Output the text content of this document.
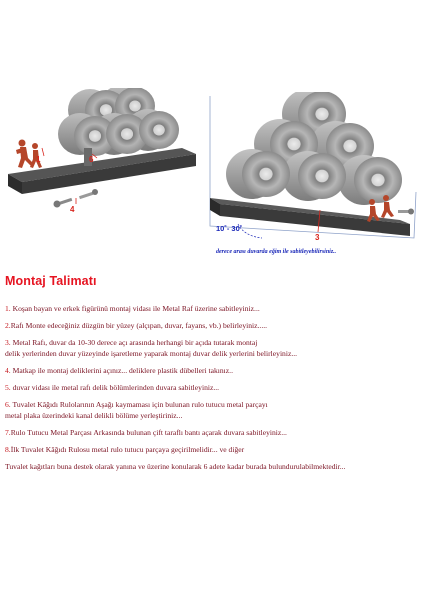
1
4
6
10˚- 30˚
3
derece arası duvarda eğim ile sabitleyebilirsiniz..
Montaj Talimatı
1. Koşan bayan ve erkek figürünü montaj vidası ile Metal Raf üzerine sabitleyiniz...
2.Rafı Monte edeceğiniz düzgün bir yüzey (alçıpan, duvar, fayans, vb.) belirleyiniz.....
3. Metal Rafı, duvar da 10-30 derece açı arasında herhangi bir açıda tutarak montaj
delik yerlerinden duvar yüzeyinde işaretleme yaparak montaj duvar delik yerlerini belirleyiniz...
4. Matkap ile montaj deliklerini açınız... deliklere plastik dübelleri takınız..
5. duvar vidası ile metal rafı delik bölümlerinden duvara sabitleyiniz...
6. Tuvalet Kâğıdı Rulolarının Aşağı kaymaması için bulunan rulo tutucu metal parçayı
metal plaka üzerindeki kanal delikli bölüme yerleştiriniz...
7.Rulo Tutucu Metal Parçası Arkasında bulunan çift taraflı bantı açarak duvara sabitleyiniz...
8.İlk Tuvalet Kâğıdı Rulosu metal rulo tutucu parçaya geçirilmelidir... ve diğer
Tuvalet kağıtları buna destek olarak yanına ve üzerine konularak 6 adete kadar burada bulundurulabilmektedir...
